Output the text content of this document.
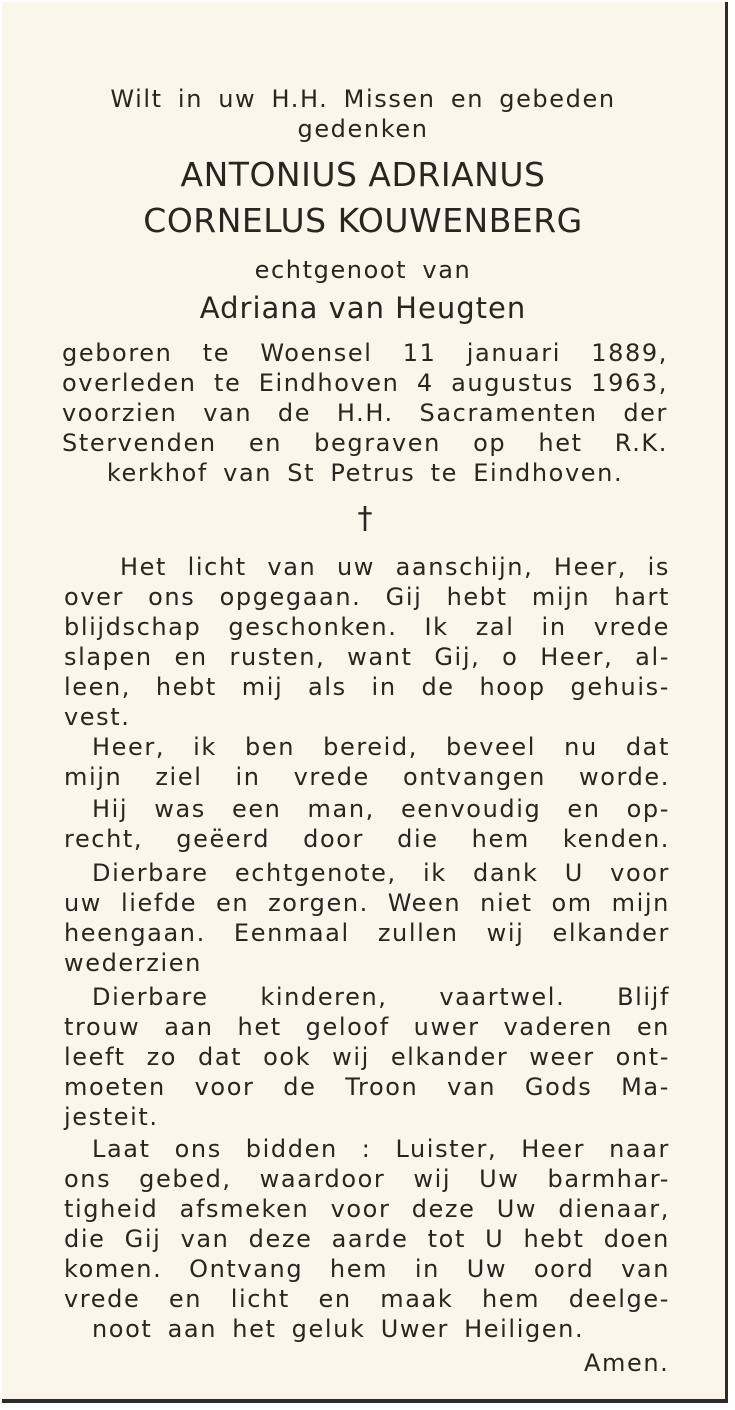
Wilt in uw H.H. Missen en gebeden
gedenken
ANTONIUS ADRIANUS
CORNELUS KOUWENBERG
echtgenoot van
Adriana van Heugten
geboren te Woensel 11 januari 1889,
overleden te Eindhoven 4 augustus 1963,
voorzien van de H.H. Sacramenten der
Stervenden en begraven op het R.K.
kerkhof van St Petrus te Eindhoven.
†
Het licht van uw aanschijn, Heer, is
over ons opgegaan. Gij hebt mijn hart
blijdschap geschonken. Ik zal in vrede
slapen en rusten, want Gij, o Heer, al-
leen, hebt mij als in de hoop gehuis-
vest.
Heer, ik ben bereid, beveel nu dat
mijn ziel in vrede ontvangen worde.
Hij was een man, eenvoudig en op-
recht, geëerd door die hem kenden.
Dierbare echtgenote, ik dank U voor
uw liefde en zorgen. Ween niet om mijn
heengaan. Eenmaal zullen wij elkander
wederzien
Dierbare kinderen, vaartwel. Blijf
trouw aan het geloof uwer vaderen en
leeft zo dat ook wij elkander weer ont-
moeten voor de Troon van Gods Ma-
jesteit.
Laat ons bidden : Luister, Heer naar
ons gebed, waardoor wij Uw barmhar-
tigheid afsmeken voor deze Uw dienaar,
die Gij van deze aarde tot U hebt doen
komen. Ontvang hem in Uw oord van
vrede en licht en maak hem deelge-
noot aan het geluk Uwer Heiligen.
Amen.
